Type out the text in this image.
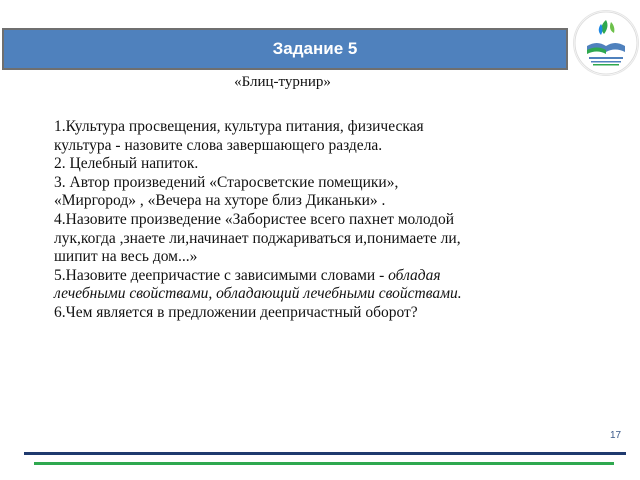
Задание 5
«Блиц-турнир»

1.Культура просвещения, культура питания, физическая

культура - назовите слова завершающего раздела.

2. Целебный напиток.

3. Автор произведений «Старосветские помещики»,

«Миргород» , «Вечера на хуторе близ Диканьки» .

4.Назовите произведение «Забористее всего пахнет молодой

лук,когда ,знаете ли,начинает поджариваться и,понимаете ли,

шипит на весь дом...»

5.Назовите деепричастие с зависимыми словами - обладая

лечебными свойствами, обладающий лечебными свойствами.

6.Чем является в предложении деепричастный оборот?

17
